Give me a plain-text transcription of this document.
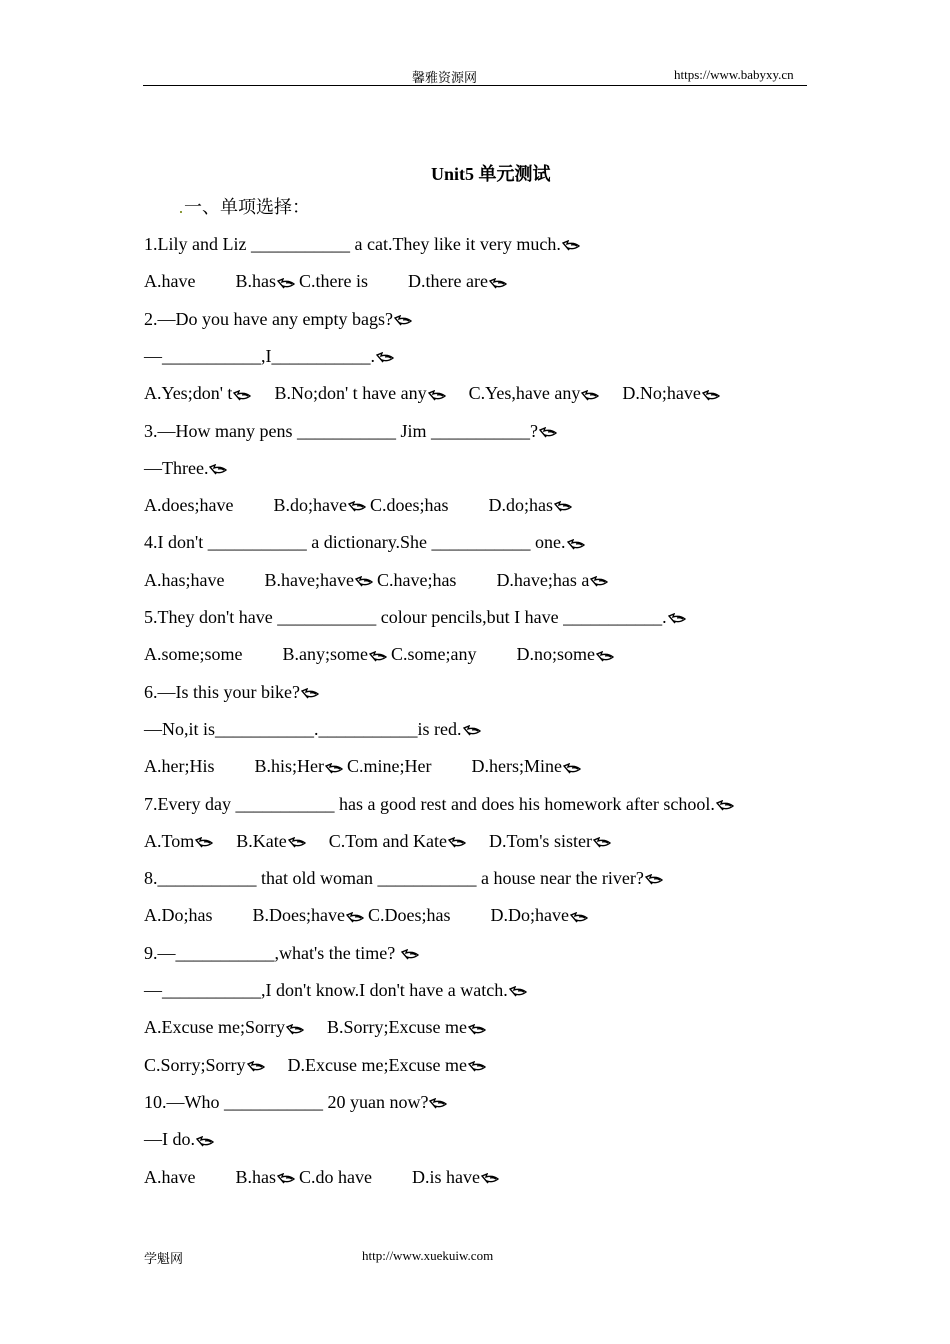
馨雅资源网	https://www.babyxy.cn
Unit5 单元测试
一、单项选择：
1.Lily and Liz ___________ a cat.They like it very much.
A.have B.has C.there is D.there are
2.—Do you have any empty bags?
—___________,I___________.
A.Yes;don' t B.No;don' t have any C.Yes,have any D.No;have
3.—How many pens ___________ Jim ___________?
—Three.
A.does;have B.do;have C.does;has D.do;has
4.I don't ___________ a dictionary.She ___________ one.
A.has;have B.have;have C.have;has D.have;has a
5.They don't have ___________ colour pencils,but I have ___________.
A.some;some B.any;some C.some;any D.no;some
6.—Is this your bike?
—No,it is___________.___________is red.
A.her;His B.his;Her C.mine;Her D.hers;Mine
7.Every day ___________ has a good rest and does his homework after school.
A.Tom B.Kate C.Tom and Kate D.Tom's sister
8.___________ that old woman ___________ a house near the river?
A.Do;has B.Does;have C.Does;has D.Do;have
9.—___________,what's the time?
—___________,I don't know.I don't have a watch.
A.Excuse me;Sorry B.Sorry;Excuse me
C.Sorry;Sorry D.Excuse me;Excuse me
10.—Who ___________ 20 yuan now?
—I do.
A.have B.has C.do have D.is have
学魁网	http://www.xuekuiw.com
